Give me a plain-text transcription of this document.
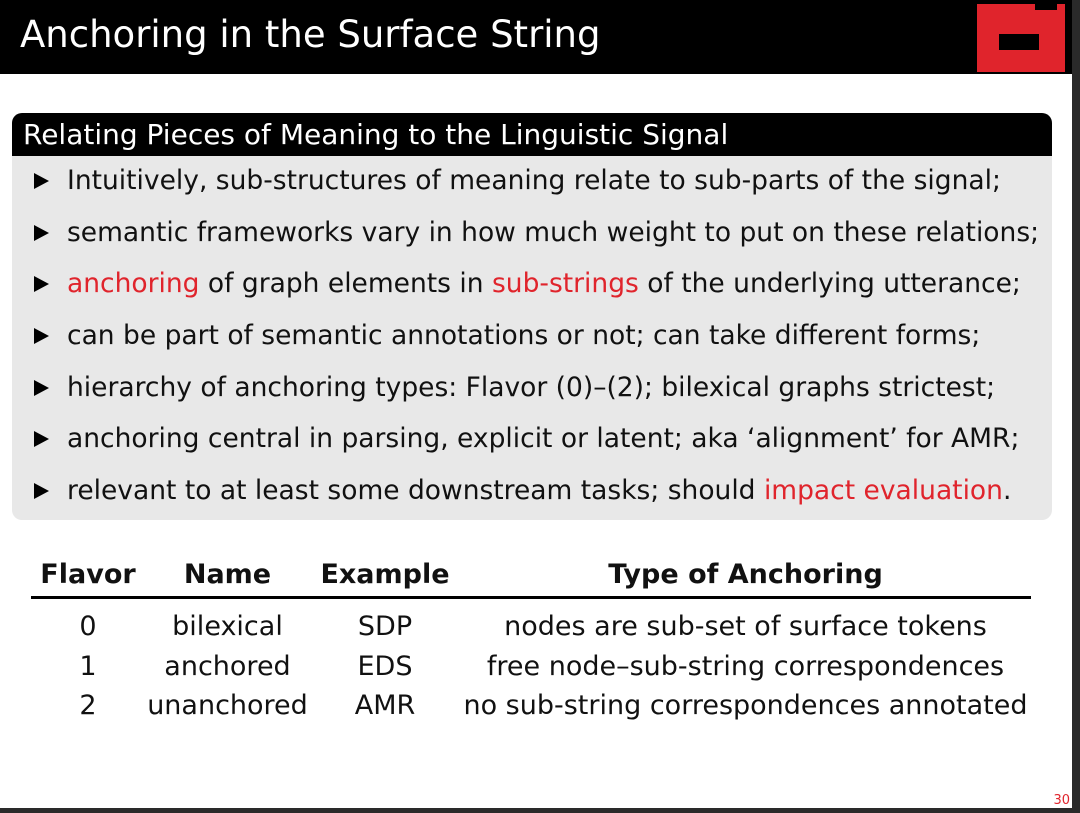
Anchoring in the Surface String
Relating Pieces of Meaning to the Linguistic Signal
Intuitively, sub-structures of meaning relate to sub-parts of the signal;
semantic frameworks vary in how much weight to put on these relations;
anchoring of graph elements in sub-strings of the underlying utterance;
can be part of semantic annotations or not; can take different forms;
hierarchy of anchoring types: Flavor (0)–(2); bilexical graphs strictest;
anchoring central in parsing, explicit or latent; aka ‘alignment’ for AMR;
relevant to at least some downstream tasks; should impact evaluation.
Flavor	Name	Example	Type of Anchoring
0	bilexical	SDP	nodes are sub-set of surface tokens
1	anchored	EDS	free node–sub-string correspondences
2	unanchored	AMR	no sub-string correspondences annotated
30
